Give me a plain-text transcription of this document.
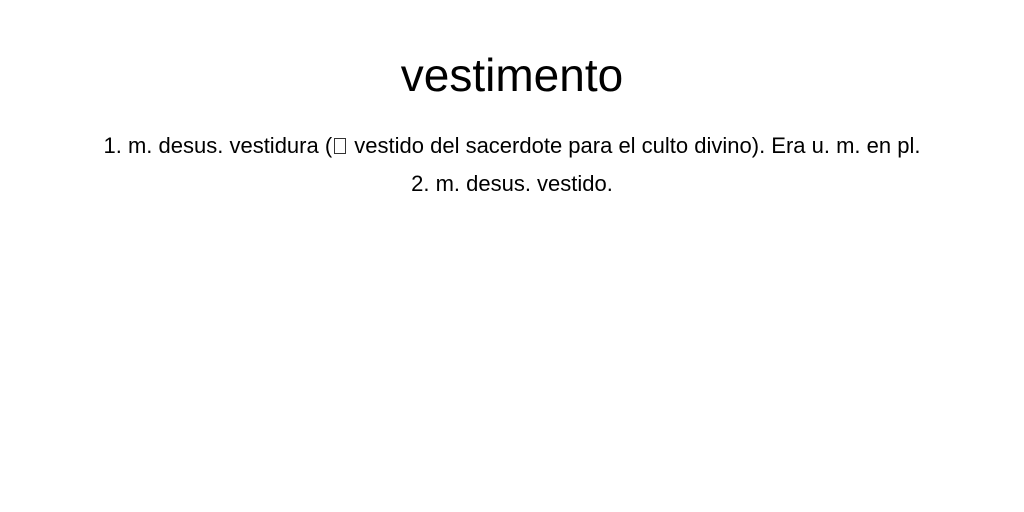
vestimento

1. m. desus. vestidura ( vestido del sacerdote para el culto divino). Era u. m. en pl.

2. m. desus. vestido.
